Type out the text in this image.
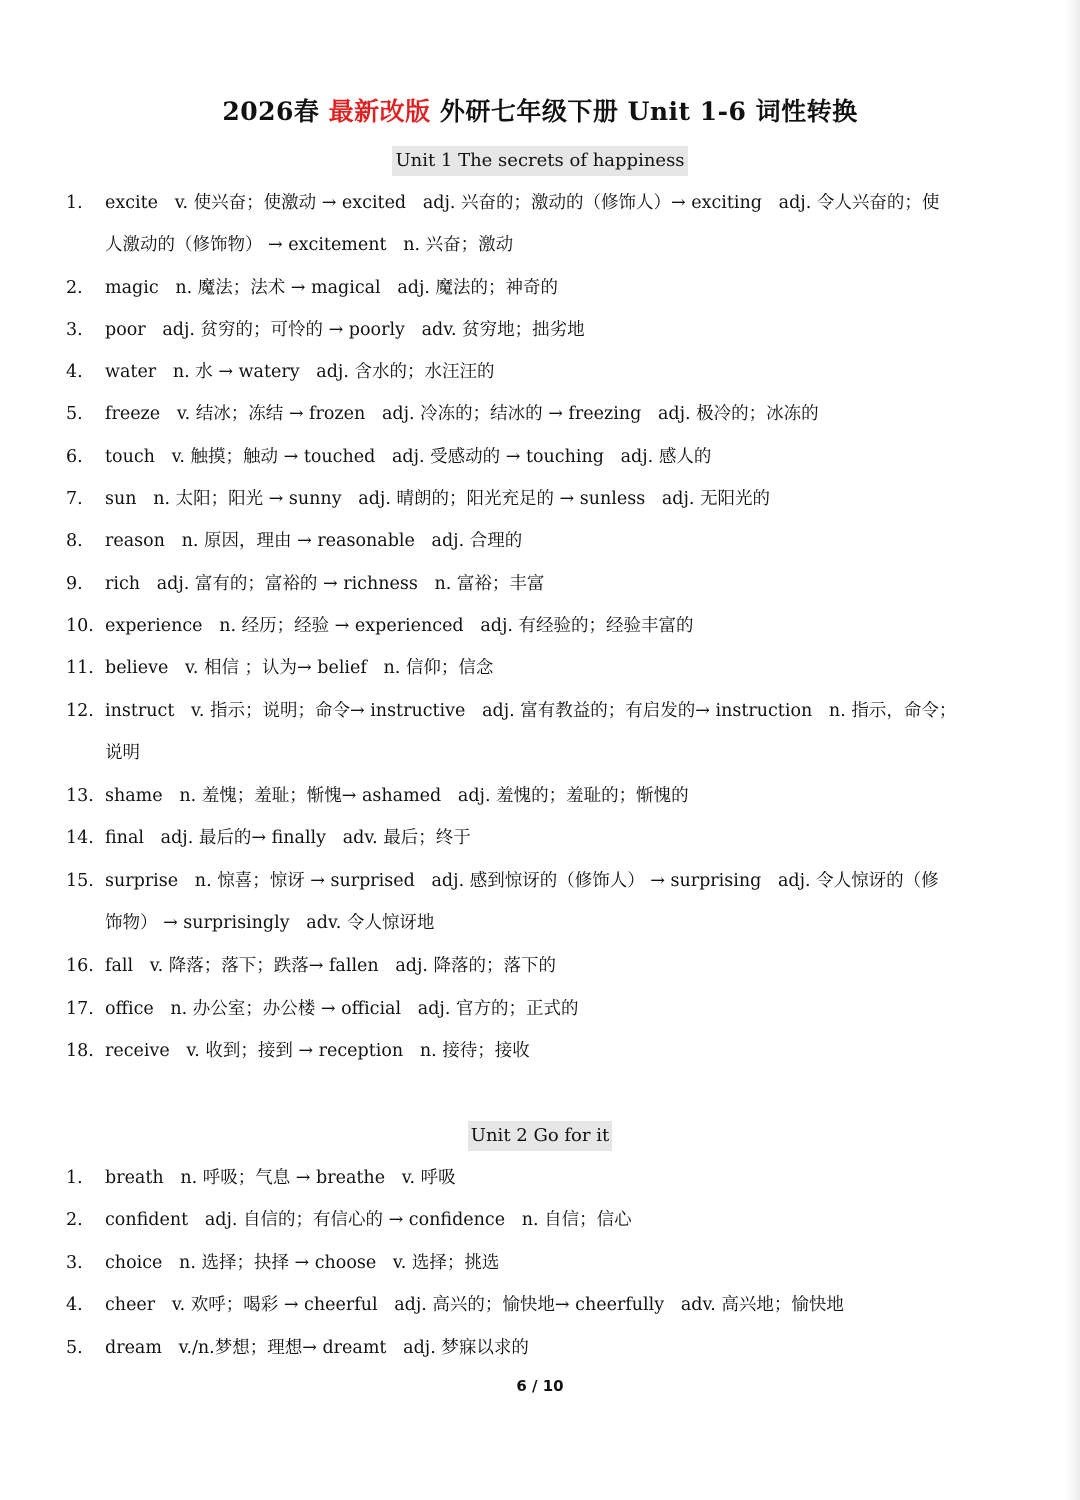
2026春 最新改版 外研七年级下册 Unit 1-6 词性转换
Unit 1 The secrets of happiness
1. excite   v. 使兴奋；使激动 → excited   adj. 兴奋的；激动的（修饰人）→ exciting   adj. 令人兴奋的；使
人激动的（修饰物） → excitement   n. 兴奋；激动
2. magic   n. 魔法；法术 → magical   adj. 魔法的；神奇的
3. poor   adj. 贫穷的；可怜的 → poorly   adv. 贫穷地；拙劣地
4. water   n. 水 → watery   adj. 含水的；水汪汪的
5. freeze   v. 结冰；冻结 → frozen   adj. 冷冻的；结冰的 → freezing   adj. 极冷的；冰冻的
6. touch   v. 触摸；触动 → touched   adj. 受感动的 → touching   adj. 感人的
7. sun   n. 太阳；阳光 → sunny   adj. 晴朗的；阳光充足的 → sunless   adj. 无阳光的
8. reason   n. 原因，理由 → reasonable   adj. 合理的
9. rich   adj. 富有的；富裕的 → richness   n. 富裕；丰富
10. experience   n. 经历；经验 → experienced   adj. 有经验的；经验丰富的
11. believe   v. 相信 ；认为→ belief   n. 信仰；信念
12. instruct   v. 指示；说明；命令→ instructive   adj. 富有教益的；有启发的→ instruction   n. 指示，命令；
说明
13. shame   n. 羞愧；羞耻；惭愧→ ashamed   adj. 羞愧的；羞耻的；惭愧的
14. final   adj. 最后的→ finally   adv. 最后；终于
15. surprise   n. 惊喜；惊讶 → surprised   adj. 感到惊讶的（修饰人） → surprising   adj. 令人惊讶的（修
饰物） → surprisingly   adv. 令人惊讶地
16. fall   v. 降落；落下；跌落→ fallen   adj. 降落的；落下的
17. office   n. 办公室；办公楼 → official   adj. 官方的；正式的
18. receive   v. 收到；接到 → reception   n. 接待；接收
Unit 2 Go for it
1. breath   n. 呼吸；气息 → breathe   v. 呼吸
2. confident   adj. 自信的；有信心的 → confidence   n. 自信；信心
3. choice   n. 选择；抉择 → choose   v. 选择；挑选
4. cheer   v. 欢呼；喝彩 → cheerful   adj. 高兴的；愉快地→ cheerfully   adv. 高兴地；愉快地
5. dream   v./n.梦想；理想→ dreamt   adj. 梦寐以求的
6 / 10
